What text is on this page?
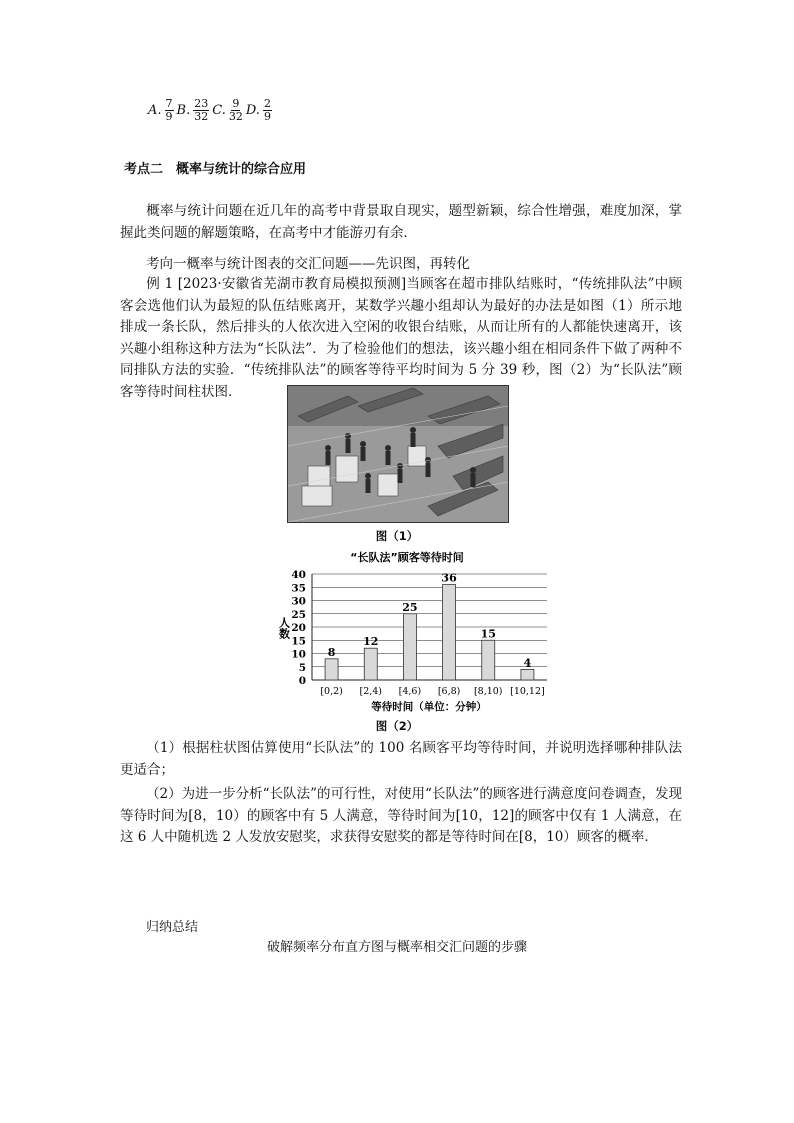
A. $\frac{7}{9} B$. $\frac{23}{32} C$. $\frac{9}{32} D$. $\frac{2}{9}$
考点二　概率与统计的综合应用
概率与统计问题在近几年的高考中背景取自现实，题型新颖，综合性增强，难度加深，掌握此类问题的解题策略，在高考中才能游刃有余．
考向一概率与统计图表的交汇问题——先识图，再转化
例 1 [2023·安徽省芜湖市教育局模拟预测]当顾客在超市排队结账时，“传统排队法”中顾客会选他们认为最短的队伍结账离开，某数学兴趣小组却认为最好的办法是如图（1）所示地排成一条长队，然后排头的人依次进入空闲的收银台结账，从而让所有的人都能快速离开，该兴趣小组称这种方法为“长队法”．为了检验他们的想法，该兴趣小组在相同条件下做了两种不同排队方法的实验．“传统排队法”的顾客等待平均时间为 5 分 39 秒，图（2）为“长队法”顾客等待时间柱状图．
图（1）
“长队法”顾客等待时间
8
12
25
36
15
4
0
5
10
15
20
25
30
35
40
[0,2) [2,4) [4,6) [6,8) [8,10) [10,12]
人数
等待时间（单位：分钟）
图（2）
（1）根据柱状图估算使用“长队法”的 100 名顾客平均等待时间，并说明选择哪种排队法更适合；
（2）为进一步分析“长队法”的可行性，对使用“长队法”的顾客进行满意度问卷调查，发现等待时间为[8，10）的顾客中有 5 人满意，等待时间为[10，12]的顾客中仅有 1 人满意，在这 6 人中随机选 2 人发放安慰奖，求获得安慰奖的都是等待时间在[8，10）顾客的概率．
归纳总结
破解频率分布直方图与概率相交汇问题的步骤
